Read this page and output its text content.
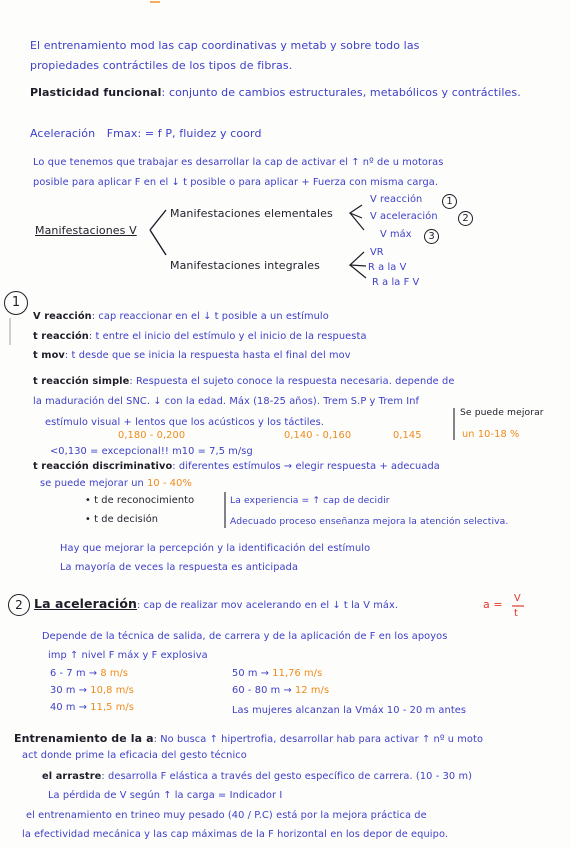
El entrenamiento mod las cap coordinativas y metab y sobre todo las
propiedades contráctiles de los tipos de fibras.
Plasticidad funcional: conjunto de cambios estructurales, metabólicos y contráctiles.
Aceleración Fmax: = f P, fluidez y coord
Lo que tenemos que trabajar es desarrollar la cap de activar el ↑ nº de u motoras
posible para aplicar F en el ↓ t posible o para aplicar + Fuerza con misma carga.
Manifestaciones V
Manifestaciones elementales
V reacción	1
V aceleración	2
V máx	3
Manifestaciones integrales
VR
R a la V
R a la F V
1
V reacción: cap reaccionar en el ↓ t posible a un estímulo
t reacción: t entre el inicio del estímulo y el inicio de la respuesta
t mov: t desde que se inicia la respuesta hasta el final del mov
t reacción simple: Respuesta el sujeto conoce la respuesta necesaria. depende de
la maduración del SNC. ↓ con la edad. Máx (18-25 años). Trem S.P y Trem Inf
estímulo visual + lentos que los acústicos y los táctiles.
Se puede mejorar
un 10-18 %
0,180 - 0,200	0,140 - 0,160	0,145
<0,130 = excepcional!! m10 = 7,5 m/sg
t reacción discriminativo: diferentes estímulos → elegir respuesta + adecuada
se puede mejorar un 10 - 40%
• t de reconocimiento	La experiencia = ↑ cap de decidir
• t de decisión	Adecuado proceso enseñanza mejora la atención selectiva.
Hay que mejorar la percepción y la identificación del estímulo
La mayoría de veces la respuesta es anticipada
2 La aceleración: cap de realizar mov acelerando en el ↓ t la V máx.	a = V
t
Depende de la técnica de salida, de carrera y de la aplicación de F en los apoyos
imp ↑ nivel F máx y F explosiva
6 - 7 m → 8 m/s
30 m → 10,8 m/s
40 m → 11,5 m/s
50 m → 11,76 m/s
60 - 80 m → 12 m/s
Las mujeres alcanzan la Vmáx 10 - 20 m antes
Entrenamiento de la a: No busca ↑ hipertrofia, desarrollar hab para activar ↑ nº u moto
act donde prime la eficacia del gesto técnico
el arrastre: desarrolla F elástica a través del gesto específico de carrera. (10 - 30 m)
La pérdida de V según ↑ la carga = Indicador I
el entrenamiento en trineo muy pesado (40 / P.C) está por la mejora práctica de
la efectividad mecánica y las cap máximas de la F horizontal en los depor de equipo.
